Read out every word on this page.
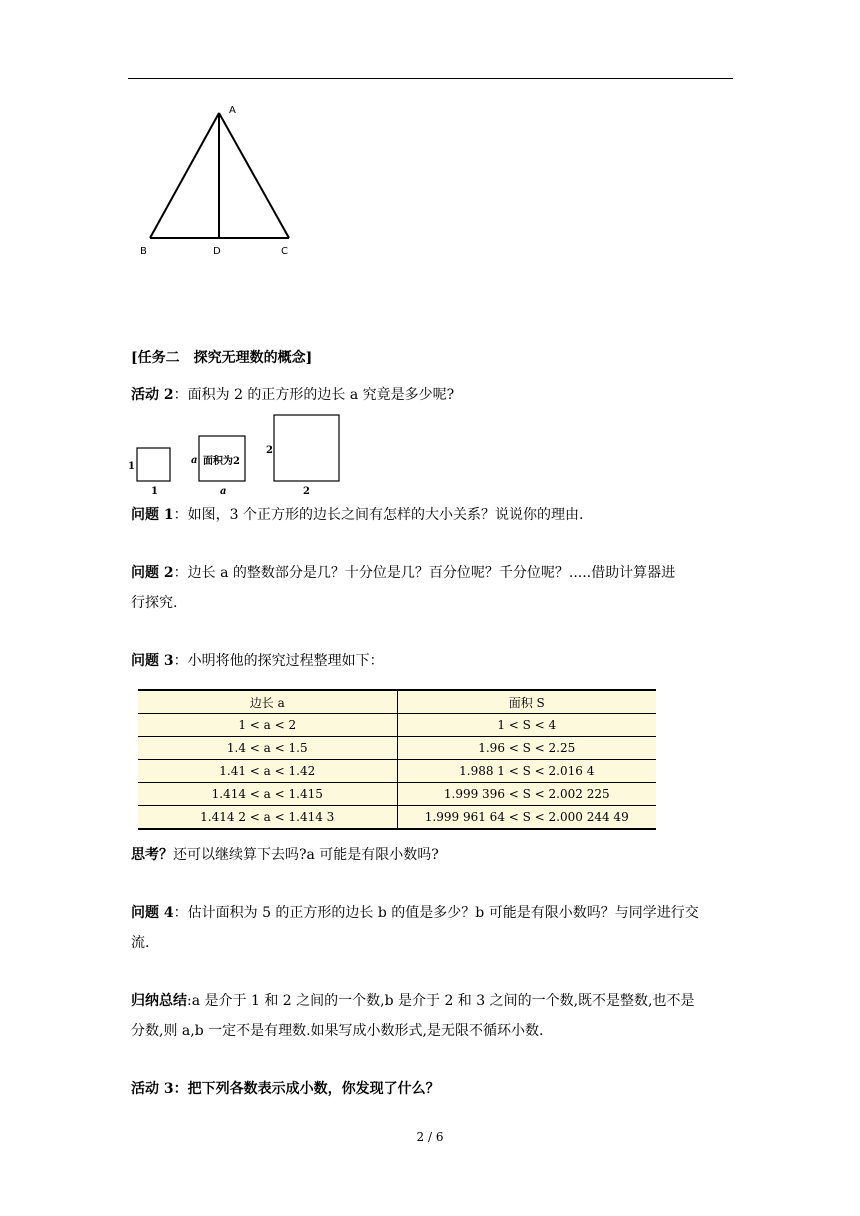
A
B	D	C
[任务二　探究无理数的概念]
活动 2：面积为 2 的正方形的边长 a 究竟是多少呢?
1
1
a 面积为2
a
2
2
问题 1：如图，3 个正方形的边长之间有怎样的大小关系？说说你的理由.
问题 2：边长 a 的整数部分是几？十分位是几？百分位呢？千分位呢？.....借助计算器进
行探究.
问题 3：小明将他的探究过程整理如下：
边长 a	面积 S
1 < a < 2	1 < S < 4
1.4 < a < 1.5	1.96 < S < 2.25
1.41 < a < 1.42	1.988 1 < S < 2.016 4
1.414 < a < 1.415	1.999 396 < S < 2.002 225
1.414 2 < a < 1.414 3	1.999 961 64 < S < 2.000 244 49
思考？还可以继续算下去吗?a 可能是有限小数吗?
问题 4：估计面积为 5 的正方形的边长 b 的值是多少？b 可能是有限小数吗？与同学进行交
流.
归纳总结:a 是介于 1 和 2 之间的一个数,b 是介于 2 和 3 之间的一个数,既不是整数,也不是
分数,则 a,b 一定不是有理数.如果写成小数形式,是无限不循环小数.
活动 3：把下列各数表示成小数，你发现了什么？
2 / 6
